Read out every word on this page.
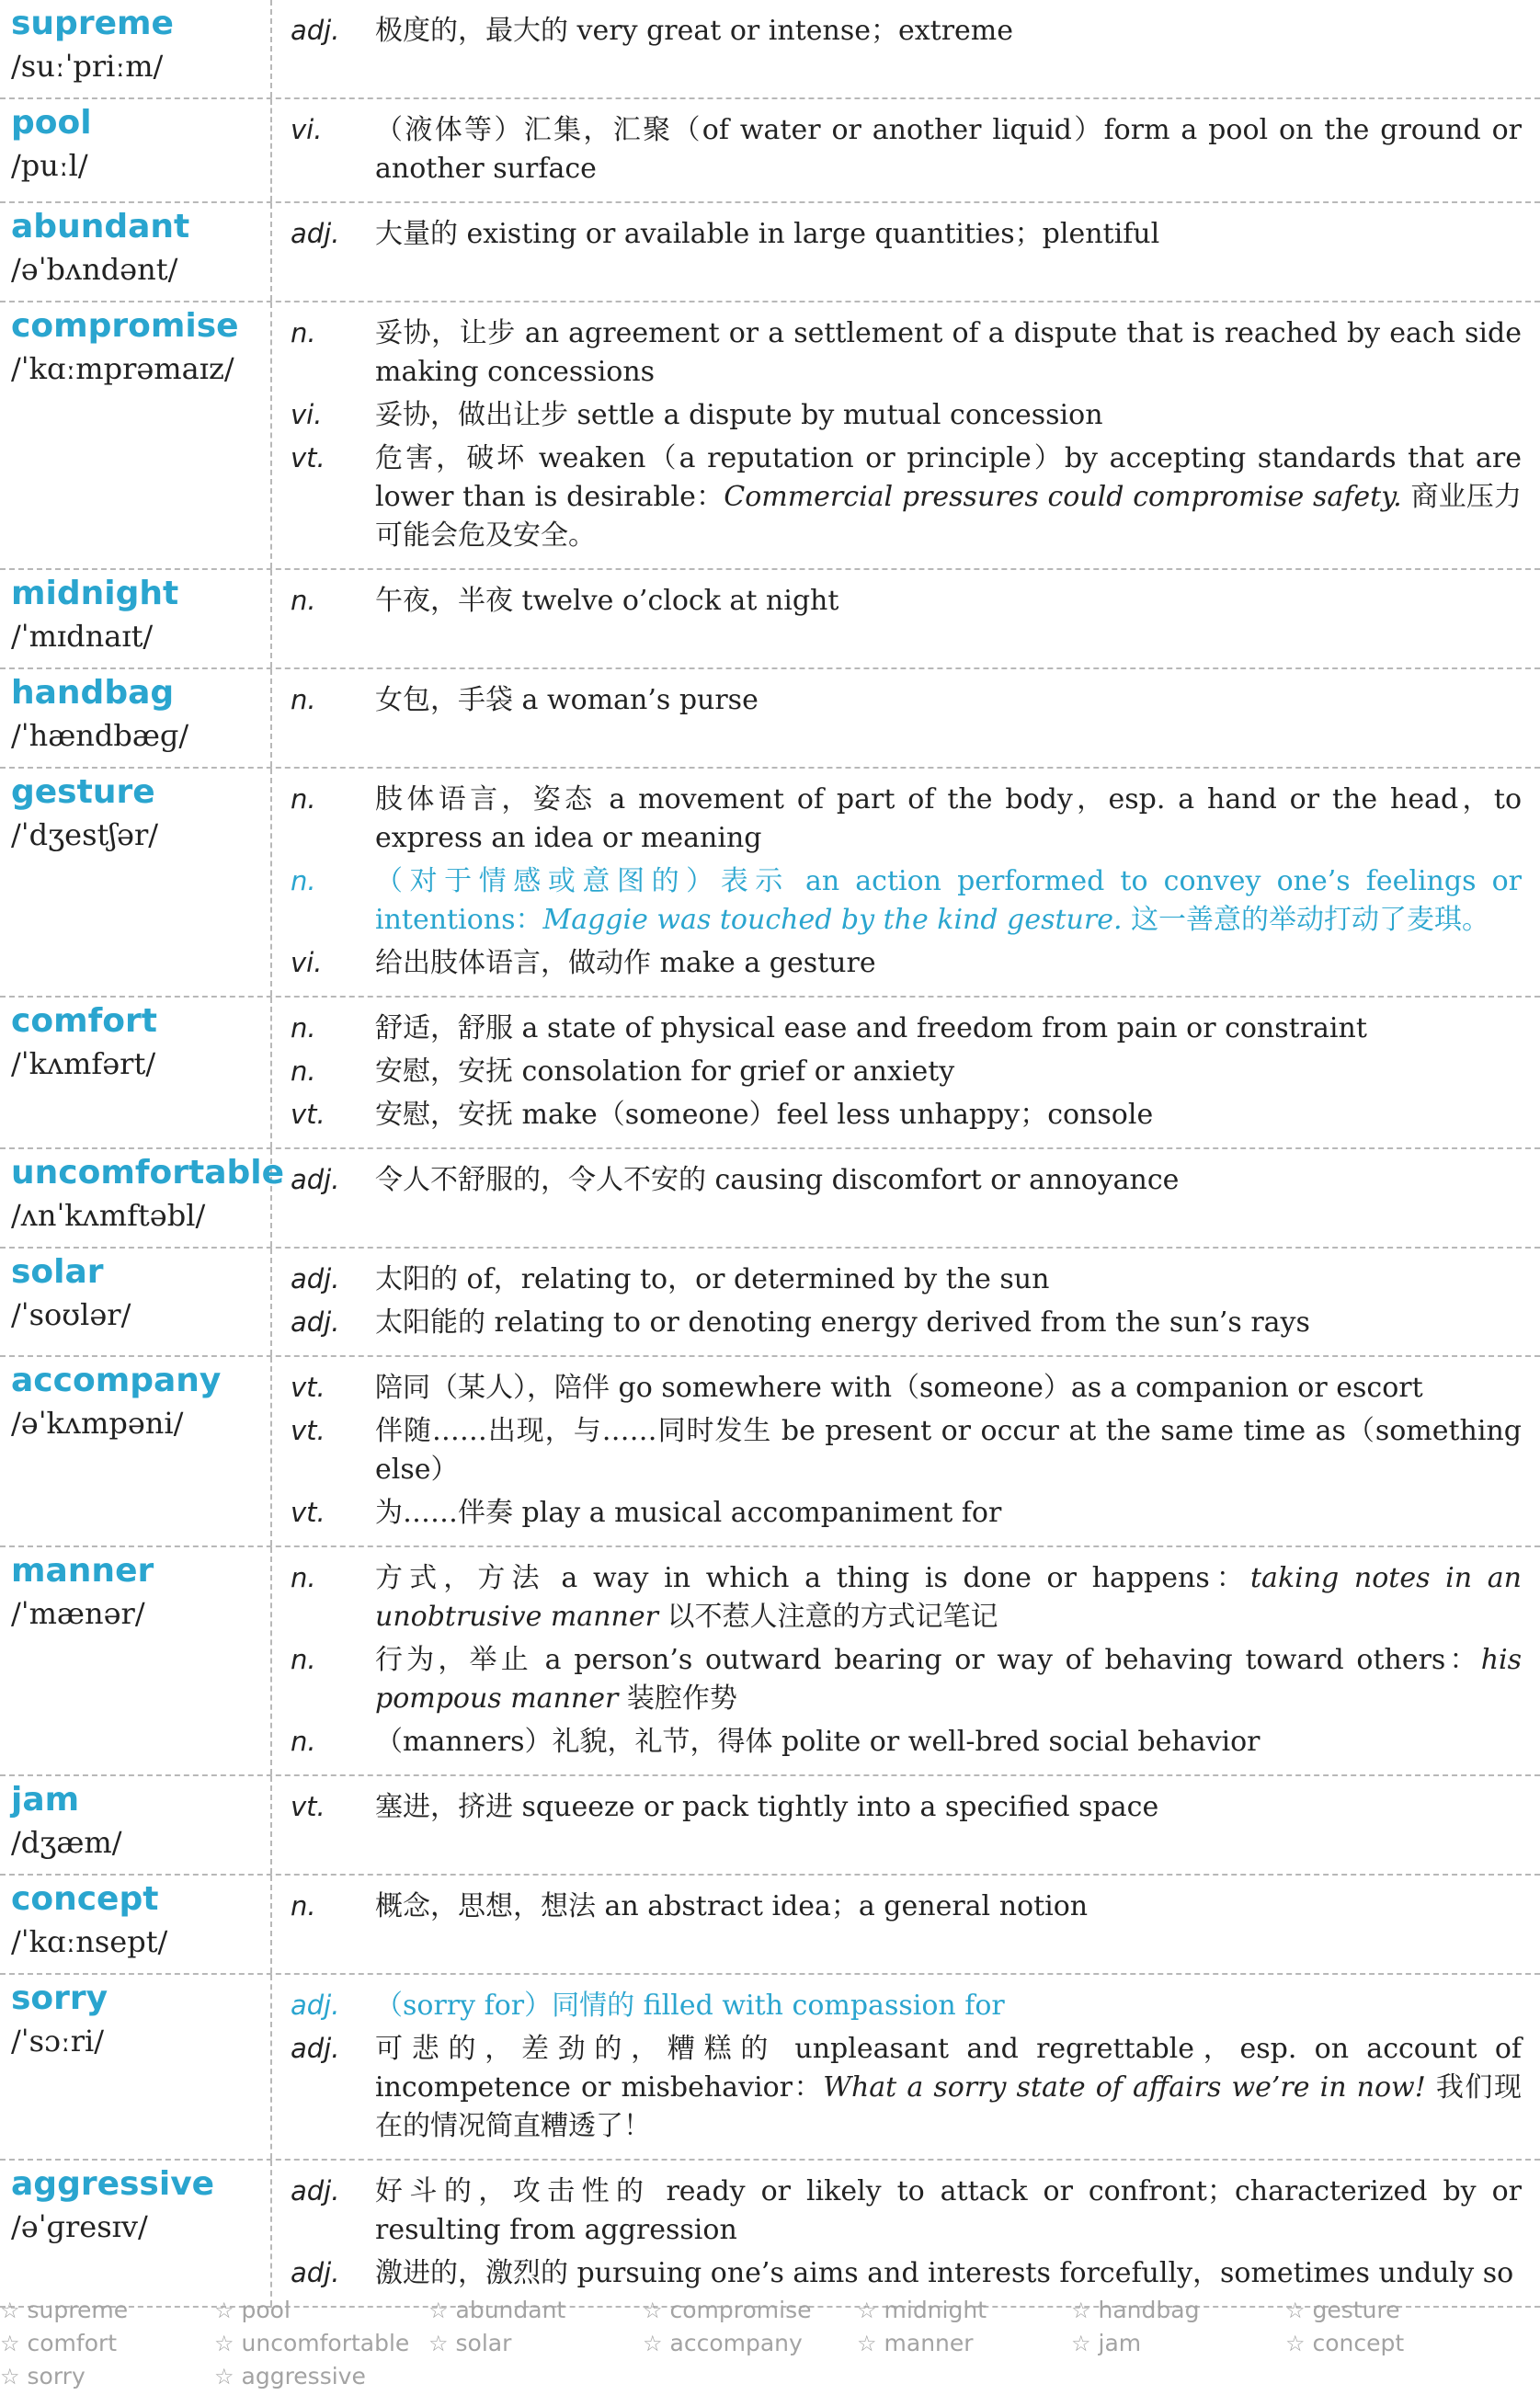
supreme
/suːˈpriːm/
adj.	极度的，最大的 very great or intense；extreme
pool
/puːl/
vi.	（液体等）汇集，汇聚（of water or another liquid）form a pool on the ground or another surface
abundant
/əˈbʌndənt/
adj.	大量的 existing or available in large quantities；plentiful
compromise
/ˈkɑːmprəmaɪz/
n.	妥协，让步 an agreement or a settlement of a dispute that is reached by each side making concessions
vi.	妥协，做出让步 settle a dispute by mutual concession
vt.	危害，破坏 weaken（a reputation or principle）by accepting standards that are lower than is desirable：Commercial pressures could compromise safety. 商业压力可能会危及安全。
midnight
/ˈmɪdnaɪt/
n.	午夜，半夜 twelve o’clock at night
handbag
/ˈhændbæɡ/
n.	女包，手袋 a woman’s purse
gesture
/ˈdʒestʃər/
n.	肢体语言，姿态 a movement of part of the body，esp. a hand or the head，to express an idea or meaning
n.	（对于情感或意图的）表示 an action performed to convey one’s feelings or intentions：Maggie was touched by the kind gesture. 这一善意的举动打动了麦琪。
vi.	给出肢体语言，做动作 make a gesture
comfort
/ˈkʌmfərt/
n.	舒适，舒服 a state of physical ease and freedom from pain or constraint
n.	安慰，安抚 consolation for grief or anxiety
vt.	安慰，安抚 make（someone）feel less unhappy；console
uncomfortable
/ʌnˈkʌmftəbl/
adj.	令人不舒服的，令人不安的 causing discomfort or annoyance
solar
/ˈsoʊlər/
adj.	太阳的 of，relating to，or determined by the sun
adj.	太阳能的 relating to or denoting energy derived from the sun’s rays
accompany
/əˈkʌmpəni/
vt.	陪同（某人），陪伴 go somewhere with（someone）as a companion or escort
vt.	伴随……出现，与……同时发生 be present or occur at the same time as（something else）
vt.	为……伴奏 play a musical accompaniment for
manner
/ˈmænər/
n.	方式，方法 a way in which a thing is done or happens：taking notes in an unobtrusive manner 以不惹人注意的方式记笔记
n.	行为，举止 a person’s outward bearing or way of behaving toward others：his pompous manner 装腔作势
n.	（manners）礼貌，礼节，得体 polite or well-bred social behavior
jam
/dʒæm/
vt.	塞进，挤进 squeeze or pack tightly into a specified space
concept
/ˈkɑːnsept/
n.	概念，思想，想法 an abstract idea；a general notion
sorry
/ˈsɔːri/
adj.	（sorry for）同情的 filled with compassion for
adj.	可悲的，差劲的，糟糕的 unpleasant and regrettable，esp. on account of incompetence or misbehavior：What a sorry state of affairs we’re in now! 我们现在的情况简直糟透了！
aggressive
/əˈɡresɪv/
adj.	好斗的，攻击性的 ready or likely to attack or confront；characterized by or resulting from aggression
adj.	激进的，激烈的 pursuing one’s aims and interests forcefully，sometimes unduly so
☆ supreme	☆ pool	☆ abundant	☆ compromise	☆ midnight	☆ handbag	☆ gesture
☆ comfort	☆ uncomfortable ☆ solar	☆ accompany	☆ manner	☆ jam	☆ concept
☆ sorry	☆ aggressive
